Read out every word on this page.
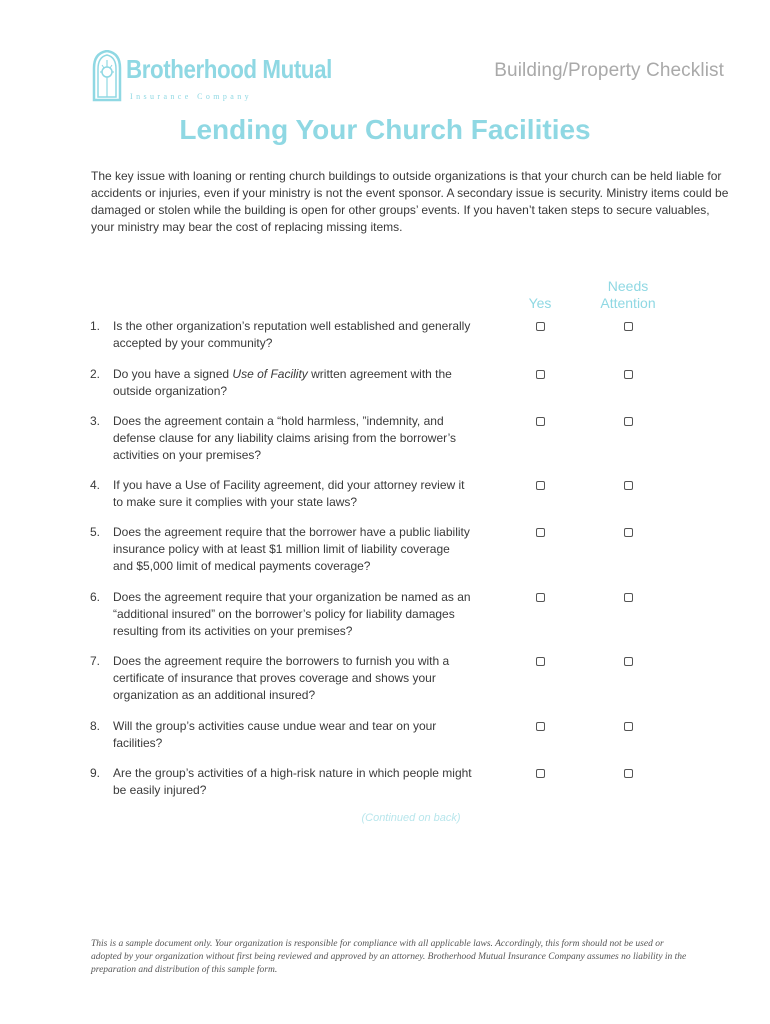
Brotherhood Mutual
Insurance Company
Building/Property Checklist
Lending Your Church Facilities
The key issue with loaning or renting church buildings to outside organizations is that your church can be held liable for accidents or injuries, even if your ministry is not the event sponsor. A secondary issue is security. Ministry items could be damaged or stolen while the building is open for other groups’ events. If you haven’t taken steps to secure valuables, your ministry may bear the cost of replacing missing items.
Yes
Needs
Attention
1. Is the other organization’s reputation well established and generally accepted by your community?
2. Do you have a signed Use of Facility written agreement with the outside organization?
3. Does the agreement contain a “hold harmless, ”indemnity, and defense clause for any liability claims arising from the borrower’s activities on your premises?
4. If you have a Use of Facility agreement, did your attorney review it to make sure it complies with your state laws?
5. Does the agreement require that the borrower have a public liability insurance policy with at least $1 million limit of liability coverage and $5,000 limit of medical payments coverage?
6. Does the agreement require that your organization be named as an “additional insured” on the borrower’s policy for liability damages resulting from its activities on your premises?
7. Does the agreement require the borrowers to furnish you with a certificate of insurance that proves coverage and shows your organization as an additional insured?
8. Will the group’s activities cause undue wear and tear on your facilities?
9. Are the group’s activities of a high-risk nature in which people might be easily injured?
(Continued on back)
This is a sample document only. Your organization is responsible for compliance with all applicable laws. Accordingly, this form should not be used or adopted by your organization without first being reviewed and approved by an attorney. Brotherhood Mutual Insurance Company assumes no liability in the preparation and distribution of this sample form.
